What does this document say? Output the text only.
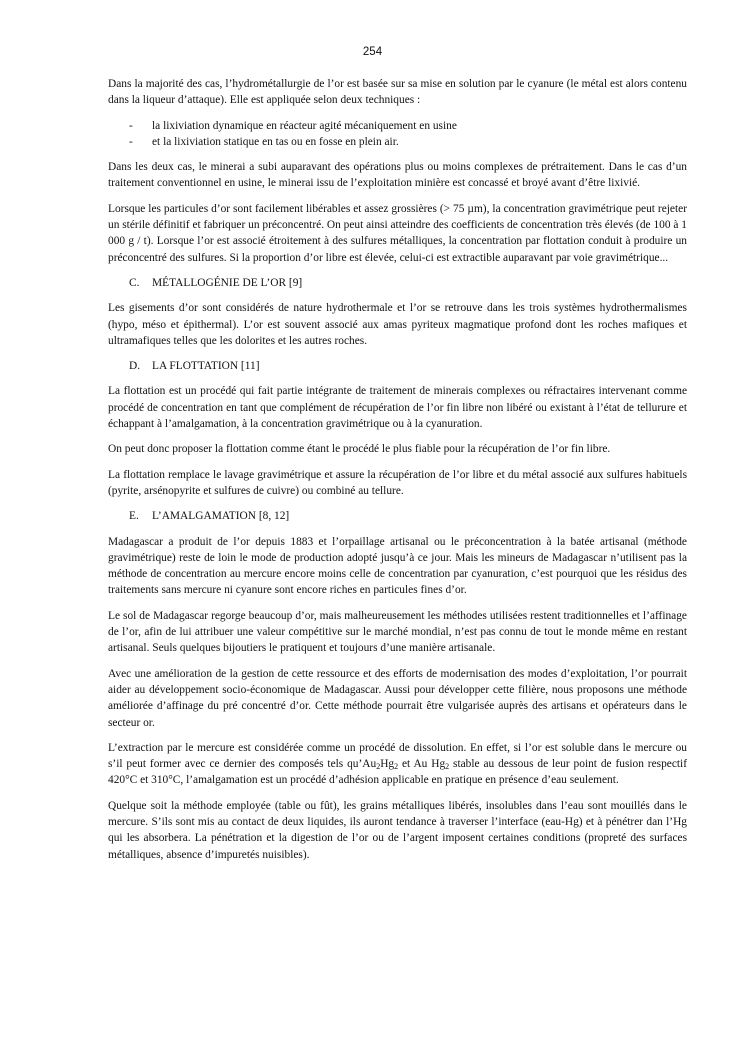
254

Dans la majorité des cas, l’hydrométallurgie de l’or est basée sur sa mise en solution par le cyanure (le métal est alors contenu dans la liqueur d’attaque). Elle est appliquée selon deux techniques :

- la lixiviation dynamique en réacteur agité mécaniquement en usine
- et la lixiviation statique en tas ou en fosse en plein air.

Dans les deux cas, le minerai a subi auparavant des opérations plus ou moins complexes de prétraitement. Dans le cas d’un traitement conventionnel en usine, le minerai issu de l’exploitation minière est concassé et broyé avant d’être lixivié.

Lorsque les particules d’or sont facilement libérables et assez grossières (> 75 µm), la concentration gravimétrique peut rejeter un stérile définitif et fabriquer un préconcentré. On peut ainsi atteindre des coefficients de concentration très élevés (de 100 à 1 000 g / t). Lorsque l’or est associé étroitement à des sulfures métalliques, la concentration par flottation conduit à produire un préconcentré des sulfures. Si la proportion d’or libre est élevée, celui-ci est extractible auparavant par voie gravimétrique...

C. MÉTALLOGÉNIE DE L’OR [9]

Les gisements d’or sont considérés de nature hydrothermale et l’or se retrouve dans les trois systèmes hydrothermalismes (hypo, méso et épithermal). L’or est souvent associé aux amas pyriteux magmatique profond dont les roches mafiques et ultramafiques telles que les dolorites et les autres roches.

D. LA FLOTTATION [11]

La flottation est un procédé qui fait partie intégrante de traitement de minerais complexes ou réfractaires intervenant comme procédé de concentration en tant que complément de récupération de l’or fin libre non libéré ou existant à l’état de tellurure et échappant à l’amalgamation, à la concentration gravimétrique ou à la cyanuration.

On peut donc proposer la flottation comme étant le procédé le plus fiable pour la récupération de l’or fin libre.

La flottation remplace le lavage gravimétrique et assure la récupération de l’or libre et du métal associé aux sulfures habituels (pyrite, arsénopyrite et sulfures de cuivre) ou combiné au tellure.

E. L’AMALGAMATION [8, 12]

Madagascar a produit de l’or depuis 1883 et l’orpaillage artisanal ou le préconcentration à la batée artisanal (méthode gravimétrique) reste de loin le mode de production adopté jusqu’à ce jour. Mais les mineurs de Madagascar n’utilisent pas la méthode de concentration au mercure encore moins celle de concentration par cyanuration, c’est pourquoi que les résidus des traitements sans mercure ni cyanure sont encore riches en particules fines d’or.

Le sol de Madagascar regorge beaucoup d’or, mais malheureusement les méthodes utilisées restent traditionnelles et l’affinage de l’or, afin de lui attribuer une valeur compétitive sur le marché mondial, n’est pas connu de tout le monde même en restant artisanal. Seuls quelques bijoutiers le pratiquent et toujours d’une manière artisanale.

Avec une amélioration de la gestion de cette ressource et des efforts de modernisation des modes d’exploitation, l’or pourrait aider au développement socio-économique de Madagascar. Aussi pour développer cette filière, nous proposons une méthode améliorée d’affinage du pré concentré d’or. Cette méthode pourrait être vulgarisée auprès des artisans et opérateurs dans le secteur or.

L’extraction par le mercure est considérée comme un procédé de dissolution. En effet, si l’or est soluble dans le mercure ou s’il peut former avec ce dernier des composés tels $qu’Au_2Hg_2$ et Au $Hg_2$ stable au dessous de leur point de fusion respectif 420°C et 310°C, l’amalgamation est un procédé d’adhésion applicable en pratique en présence d’eau seulement.

Quelque soit la méthode employée (table ou fût), les grains métalliques libérés, insolubles dans l’eau sont mouillés dans le mercure. S’ils sont mis au contact de deux liquides, ils auront tendance à traverser l’interface (eau-Hg) et à pénétrer dan l’Hg qui les absorbera. La pénétration et la digestion de l’or ou de l’argent imposent certaines conditions (propreté des surfaces métalliques, absence d’impuretés nuisibles).
